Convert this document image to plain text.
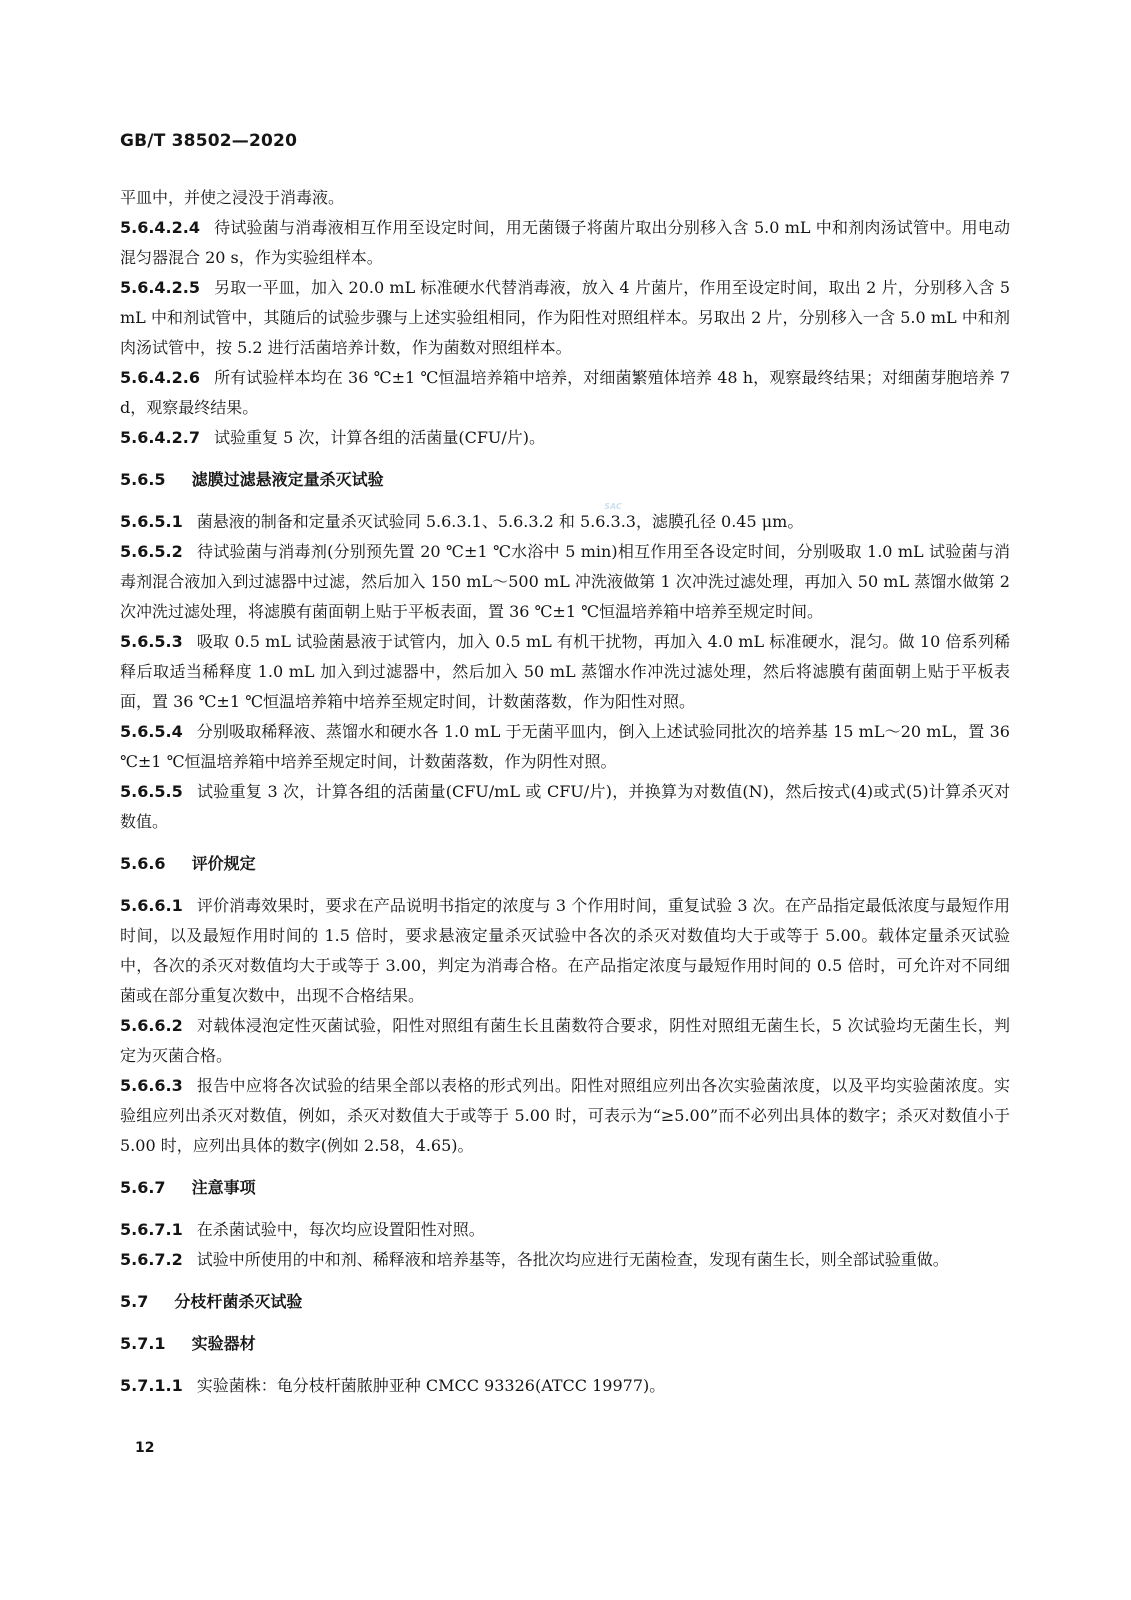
GB/T 38502—2020

平皿中，并使之浸没于消毒液。

5.6.4.2.4 待试验菌与消毒液相互作用至设定时间，用无菌镊子将菌片取出分别移入含 5.0 mL 中和剂肉汤试管中。用电动混匀器混合 20 s，作为实验组样本。

5.6.4.2.5 另取一平皿，加入 20.0 mL 标准硬水代替消毒液，放入 4 片菌片，作用至设定时间，取出 2 片，分别移入含 5 mL 中和剂试管中，其随后的试验步骤与上述实验组相同，作为阳性对照组样本。另取出 2 片，分别移入一含 5.0 mL 中和剂肉汤试管中，按 5.2 进行活菌培养计数，作为菌数对照组样本。

5.6.4.2.6 所有试验样本均在 36 ℃±1 ℃恒温培养箱中培养，对细菌繁殖体培养 48 h，观察最终结果；对细菌芽胞培养 7 d，观察最终结果。

5.6.4.2.7 试验重复 5 次，计算各组的活菌量(CFU/片)。

5.6.5 滤膜过滤悬液定量杀灭试验

5.6.5.1 菌悬液的制备和定量杀灭试验同 5.6.3.1、5.6.3.2 和 5.6.3.3，滤膜孔径 0.45 μm。

5.6.5.2 待试验菌与消毒剂(分别预先置 20 ℃±1 ℃水浴中 5 min)相互作用至各设定时间，分别吸取 1.0 mL 试验菌与消毒剂混合液加入到过滤器中过滤，然后加入 150 mL～500 mL 冲洗液做第 1 次冲洗过滤处理，再加入 50 mL 蒸馏水做第 2 次冲洗过滤处理，将滤膜有菌面朝上贴于平板表面，置 36 ℃±1 ℃恒温培养箱中培养至规定时间。

5.6.5.3 吸取 0.5 mL 试验菌悬液于试管内，加入 0.5 mL 有机干扰物，再加入 4.0 mL 标准硬水，混匀。做 10 倍系列稀释后取适当稀释度 1.0 mL 加入到过滤器中，然后加入 50 mL 蒸馏水作冲洗过滤处理，然后将滤膜有菌面朝上贴于平板表面，置 36 ℃±1 ℃恒温培养箱中培养至规定时间，计数菌落数，作为阳性对照。

5.6.5.4 分别吸取稀释液、蒸馏水和硬水各 1.0 mL 于无菌平皿内，倒入上述试验同批次的培养基 15 mL～20 mL，置 36 ℃±1 ℃恒温培养箱中培养至规定时间，计数菌落数，作为阴性对照。

5.6.5.5 试验重复 3 次，计算各组的活菌量(CFU/mL 或 CFU/片)，并换算为对数值(N)，然后按式(4)或式(5)计算杀灭对数值。

5.6.6 评价规定

5.6.6.1 评价消毒效果时，要求在产品说明书指定的浓度与 3 个作用时间，重复试验 3 次。在产品指定最低浓度与最短作用时间，以及最短作用时间的 1.5 倍时，要求悬液定量杀灭试验中各次的杀灭对数值均大于或等于 5.00。载体定量杀灭试验中，各次的杀灭对数值均大于或等于 3.00，判定为消毒合格。在产品指定浓度与最短作用时间的 0.5 倍时，可允许对不同细菌或在部分重复次数中，出现不合格结果。

5.6.6.2 对载体浸泡定性灭菌试验，阳性对照组有菌生长且菌数符合要求，阴性对照组无菌生长，5 次试验均无菌生长，判定为灭菌合格。

5.6.6.3 报告中应将各次试验的结果全部以表格的形式列出。阳性对照组应列出各次实验菌浓度，以及平均实验菌浓度。实验组应列出杀灭对数值，例如，杀灭对数值大于或等于 5.00 时，可表示为“≥5.00”而不必列出具体的数字；杀灭对数值小于 5.00 时，应列出具体的数字(例如 2.58，4.65)。

5.6.7 注意事项

5.6.7.1 在杀菌试验中，每次均应设置阳性对照。

5.6.7.2 试验中所使用的中和剂、稀释液和培养基等，各批次均应进行无菌检查，发现有菌生长，则全部试验重做。

5.7 分枝杆菌杀灭试验

5.7.1 实验器材

5.7.1.1 实验菌株：龟分枝杆菌脓肿亚种 CMCC 93326(ATCC 19977)。

SAC
12
